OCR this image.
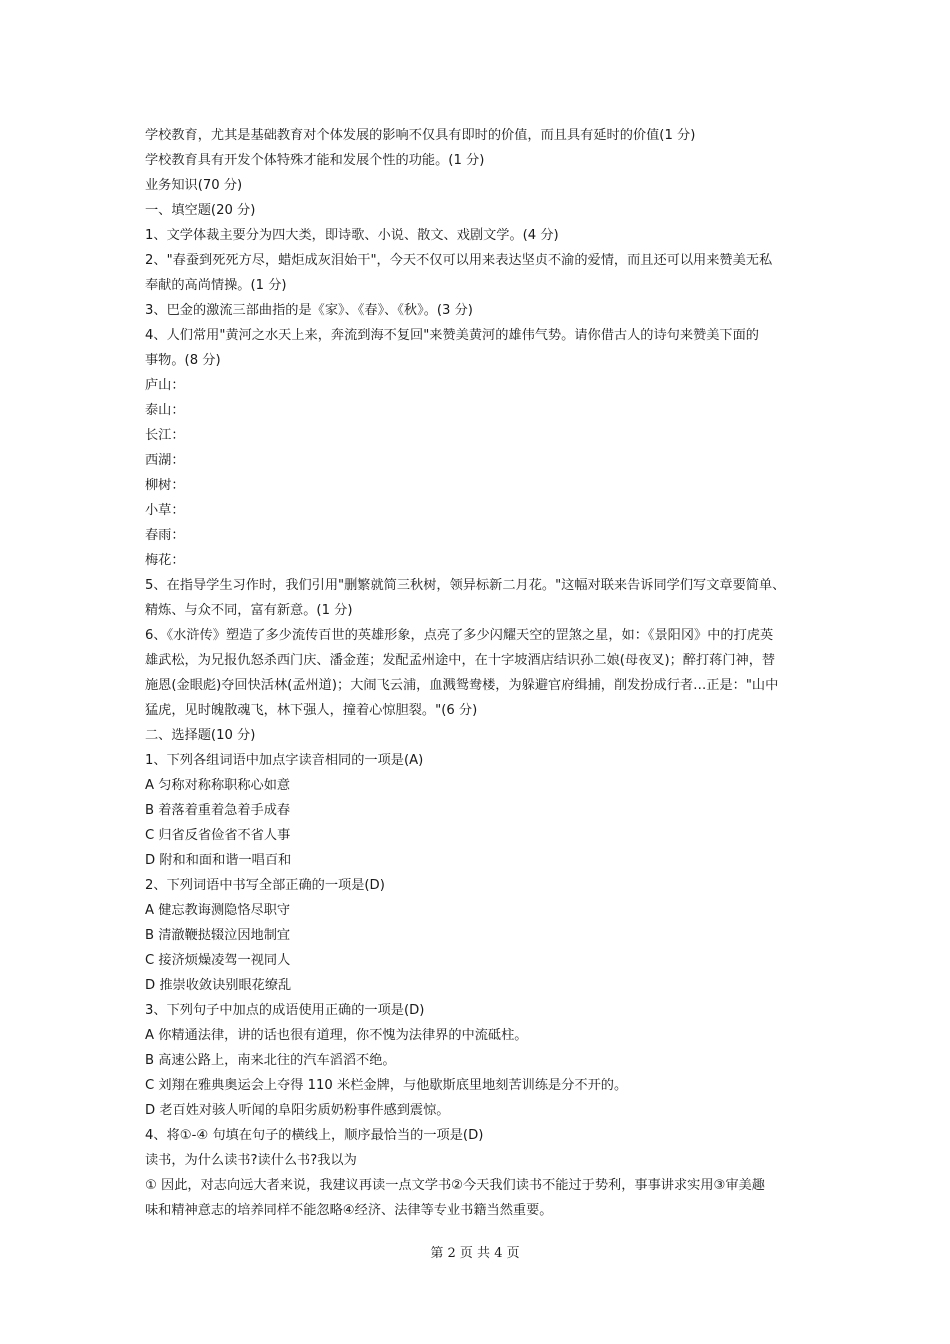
学校教育，尤其是基础教育对个体发展的影响不仅具有即时的价值，而且具有延时的价值(1 分)

学校教育具有开发个体特殊才能和发展个性的功能。(1 分)

业务知识(70 分)

一、填空题(20 分)

1、文学体裁主要分为四大类，即诗歌、小说、散文、戏剧文学。(4 分)

2、"春蚕到死死方尽，蜡炬成灰泪始干"，今天不仅可以用来表达坚贞不渝的爱情，而且还可以用来赞美无私

奉献的高尚情操。(1 分)

3、巴金的激流三部曲指的是《家》、《春》、《秋》。(3 分)

4、人们常用"黄河之水天上来，奔流到海不复回"来赞美黄河的雄伟气势。请你借古人的诗句来赞美下面的

事物。(8 分)

庐山：

泰山：

长江：

西湖：

柳树：

小草：

春雨：

梅花：

5、在指导学生习作时，我们引用"删繁就简三秋树，领异标新二月花。"这幅对联来告诉同学们写文章要简单、

精炼、与众不同，富有新意。(1 分)

6、《水浒传》塑造了多少流传百世的英雄形象，点亮了多少闪耀天空的罡煞之星，如：《景阳冈》中的打虎英

雄武松，为兄报仇怒杀西门庆、潘金莲；发配孟州途中，在十字坡酒店结识孙二娘(母夜叉)；醉打蒋门神，替

施恩(金眼彪)夺回快活林(孟州道)；大闹飞云浦，血溅鸳鸯楼，为躲避官府缉捕，削发扮成行者…正是："山中

猛虎，见时魄散魂飞，林下强人，撞着心惊胆裂。"(6 分)

二、选择题(10 分)

1、下列各组词语中加点字读音相同的一项是(A)

A 匀称对称称职称心如意

B 着落着重着急着手成春

C 归省反省俭省不省人事

D 附和和面和谐一唱百和

2、下列词语中书写全部正确的一项是(D)

A 健忘教诲测隐恪尽职守

B 清澈鞭挞辍泣因地制宜

C 接济烦燥凌驾一视同人

D 推崇收敛诀别眼花缭乱

3、下列句子中加点的成语使用正确的一项是(D)

A 你精通法律，讲的话也很有道理，你不愧为法律界的中流砥柱。

B 高速公路上，南来北往的汽车滔滔不绝。

C 刘翔在雅典奥运会上夺得 110 米栏金牌，与他歇斯底里地刻苦训练是分不开的。

D 老百姓对骇人听闻的阜阳劣质奶粉事件感到震惊。

4、将①-④ 句填在句子的横线上，顺序最恰当的一项是(D)

读书，为什么读书?读什么书?我以为

① 因此，对志向远大者来说，我建议再读一点文学书②今天我们读书不能过于势利，事事讲求实用③审美趣

味和精神意志的培养同样不能忽略④经济、法律等专业书籍当然重要。

第 2 页 共 4 页
